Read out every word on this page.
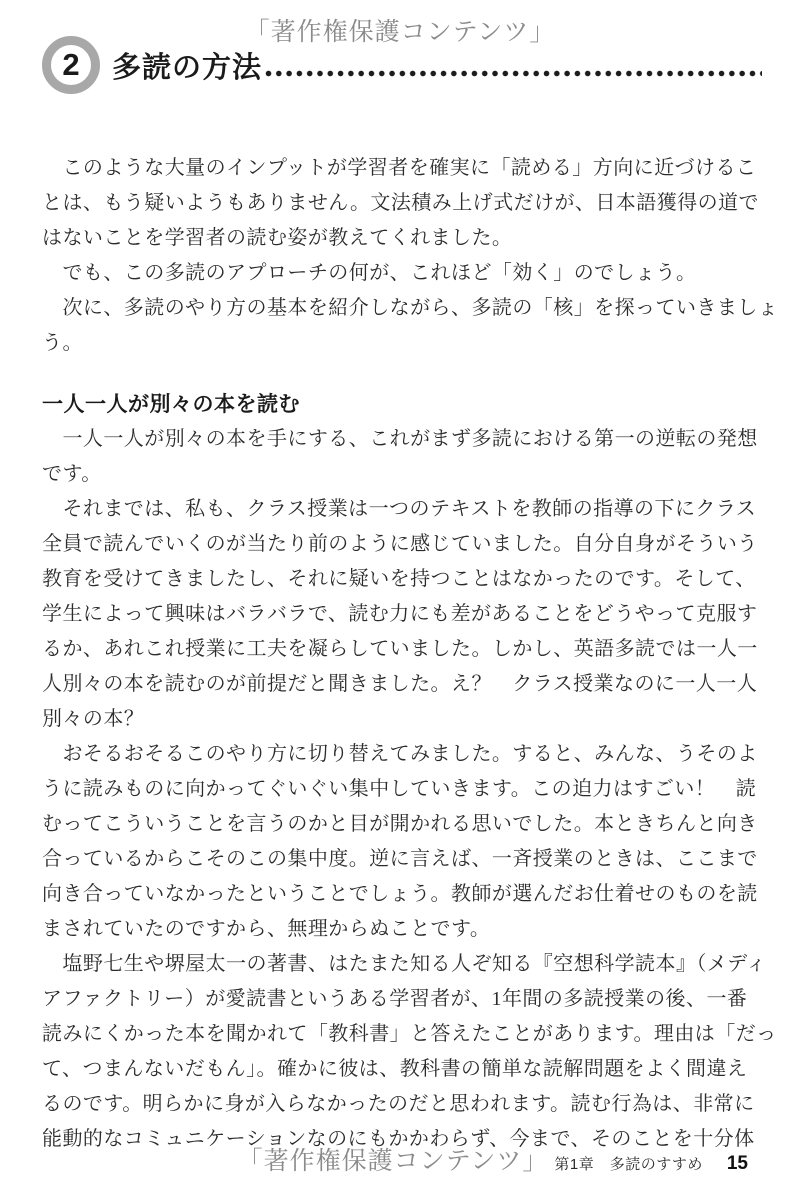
「著作権保護コンテンツ」
2 多読の方法
　このような大量のインプットが学習者を確実に「読める」方向に近づけるこ
とは、もう疑いようもありません。文法積み上げ式だけが、日本語獲得の道で
はないことを学習者の読む姿が教えてくれました。
　でも、この多読のアプローチの何が、これほど「効く」のでしょう。
　次に、多読のやり方の基本を紹介しながら、多読の「核」を探っていきましょ
う。
一人一人が別々の本を読む
　一人一人が別々の本を手にする、これがまず多読における第一の逆転の発想
です。
　それまでは、私も、クラス授業は一つのテキストを教師の指導の下にクラス
全員で読んでいくのが当たり前のように感じていました。自分自身がそういう
教育を受けてきましたし、それに疑いを持つことはなかったのです。そして、
学生によって興味はバラバラで、読む力にも差があることをどうやって克服す
るか、あれこれ授業に工夫を凝らしていました。しかし、英語多読では一人一
人別々の本を読むのが前提だと聞きました。え？　クラス授業なのに一人一人
別々の本？
　おそるおそるこのやり方に切り替えてみました。すると、みんな、うそのよ
うに読みものに向かってぐいぐい集中していきます。この迫力はすごい！　読
むってこういうことを言うのかと目が開かれる思いでした。本ときちんと向き
合っているからこそのこの集中度。逆に言えば、一斉授業のときは、ここまで
向き合っていなかったということでしょう。教師が選んだお仕着せのものを読
まされていたのですから、無理からぬことです。
　塩野七生や堺屋太一の著書、はたまた知る人ぞ知る『空想科学読本』（メディ
アファクトリー）が愛読書というある学習者が、1年間の多読授業の後、一番
読みにくかった本を聞かれて「教科書」と答えたことがあります。理由は「だっ
て、つまんないだもん」。確かに彼は、教科書の簡単な読解問題をよく間違え
るのです。明らかに身が入らなかったのだと思われます。読む行為は、非常に
能動的なコミュニケーションなのにもかかわらず、今まで、そのことを十分体
「著作権保護コンテンツ」 第1章　多読のすすめ 15
